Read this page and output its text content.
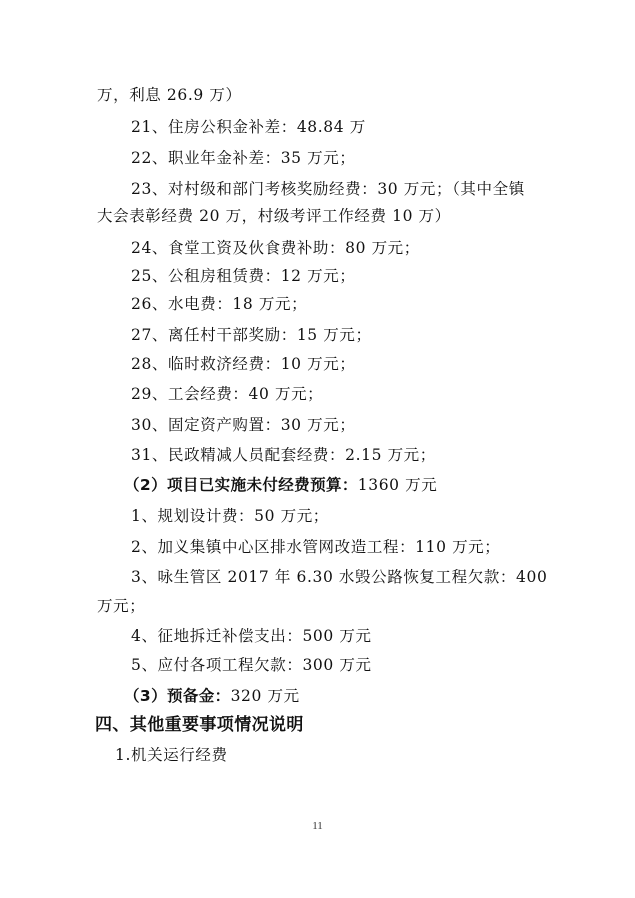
万，利息 26.9 万）
21、住房公积金补差：48.84 万
22、职业年金补差：35 万元；
23、对村级和部门考核奖励经费：30 万元；（其中全镇
大会表彰经费 20 万，村级考评工作经费 10 万）
24、食堂工资及伙食费补助：80 万元；
25、公租房租赁费：12 万元；
26、水电费：18 万元；
27、离任村干部奖励：15 万元；
28、临时救济经费：10 万元；
29、工会经费：40 万元；
30、固定资产购置：30 万元；
31、民政精减人员配套经费：2.15 万元；
（2）项目已实施未付经费预算：1360 万元
1、规划设计费：50 万元；
2、加义集镇中心区排水管网改造工程：110 万元；
3、咏生管区 2017 年 6.30 水毁公路恢复工程欠款：400
万元；
4、征地拆迁补偿支出：500 万元
5、应付各项工程欠款：300 万元
（3）预备金：320 万元
四、其他重要事项情况说明
1.机关运行经费
11
